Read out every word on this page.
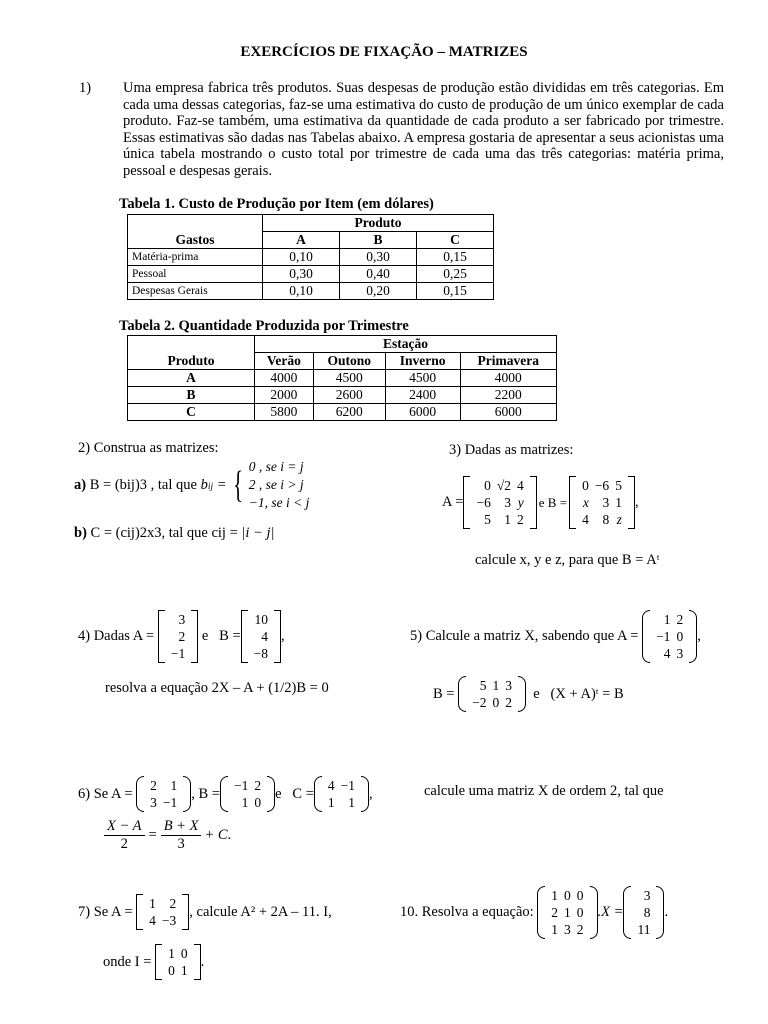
EXERCÍCIOS DE FIXAÇÃO – MATRIZES
1)	Uma empresa fabrica três produtos. Suas despesas de produção estão divididas em três categorias. Em cada uma dessas categorias, faz-se uma estimativa do custo de produção de um único exemplar de cada produto. Faz-se também, uma estimativa da quantidade de cada produto a ser fabricado por trimestre. Essas estimativas são dadas nas Tabelas abaixo. A empresa gostaria de apresentar a seus acionistas uma única tabela mostrando o custo total por trimestre de cada uma das três categorias: matéria prima, pessoal e despesas gerais.
Tabela 1. Custo de Produção por Item (em dólares)
	Produto		
Gastos	A	B	C
Matéria-prima	0,10	0,30	0,15
Pessoal	0,30	0,40	0,25
Despesas Gerais	0,10	0,20	0,15
Tabela 2. Quantidade Produzida por Trimestre
	Estação			
Produto	Verão	Outono	Inverno	Primavera
A	4000	4500	4500	4000
B	2000	2600	2400	2200
C	5800	6200	6000	6000
2) Construa as matrizes:
a)
B = (bij)3 , tal que
bij = { 0 , se i = j
2 , se i > j
−1, se i < j
b)
C = (cij)2x3, tal que cij =
|i − j|
3) Dadas as matrizes:
A =
0 √2 4
−6 3 y
5 1 2
e B =
0 −6 5
x	3 1
4	8 z
,
calcule x, y e z, para que B = Aᵗ
4) Dadas A =

3
2
−1
e   B =
10
4
−8
,
resolva a equação 2X – A + (1/2)B = 0
5) Calcule a matriz X, sabendo que A =

1 2
−1 0
4 3
,
B =
	5 1 3
−2 0 2
e (X + A)ᵗ = B
6) Se A =
2	1
3 −1
, B = −1 2
1 0
e   C = 4 −1
1	1
,	calcule uma matriz X de ordem 2, tal que
$\frac{X - A}{2} = \frac{B + X}{3} + C$ .
7) Se A =
1	2
4 −3
, calcule A² + 2A – 11. I,
onde I =
1 0
0 1
.
10. Resolva a equação:

1 0 0
2 1 0
1 3 2
.X =
3
8
11
.
